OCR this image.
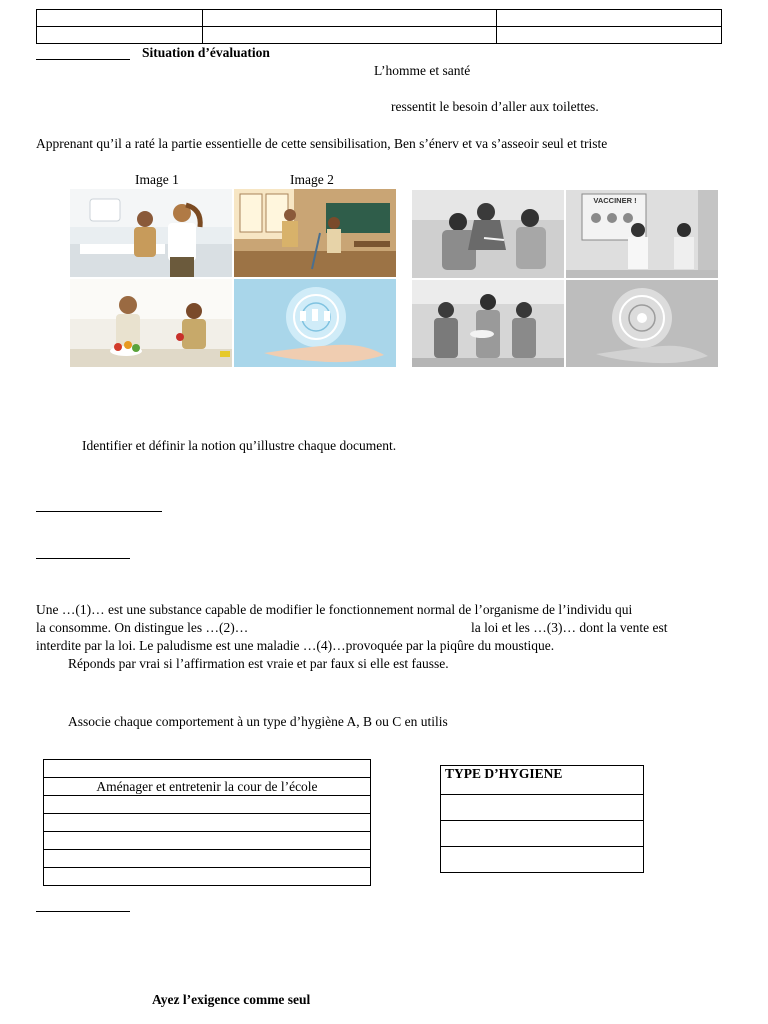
Situation d’évaluation
L’homme et santé
ressentit le besoin d’aller aux toilettes.
Apprenant qu’il a raté la partie essentielle de cette sensibilisation, Ben s’énerv et va s’asseoir seul et triste
Image 1	Image 2
VACCINER !
Identifier et définir la notion qu’illustre chaque document.
Une …(1)… est une substance capable de modifier le fonctionnement normal de l’organisme de l’individu qui
la consomme. On distingue les …(2)…	la loi et les …(3)… dont la vente est
interdite par la loi. Le paludisme est une maladie …(4)…provoquée par la piqûre du moustique.
Réponds par vrai si l’affirmation est vraie et par faux si elle est fausse.
Associe chaque comportement à un type d’hygiène A, B ou C en utilis

Aménager et entretenir la cour de l’école

TYPE D’HYGIENE

Ayez l’exigence comme seul
